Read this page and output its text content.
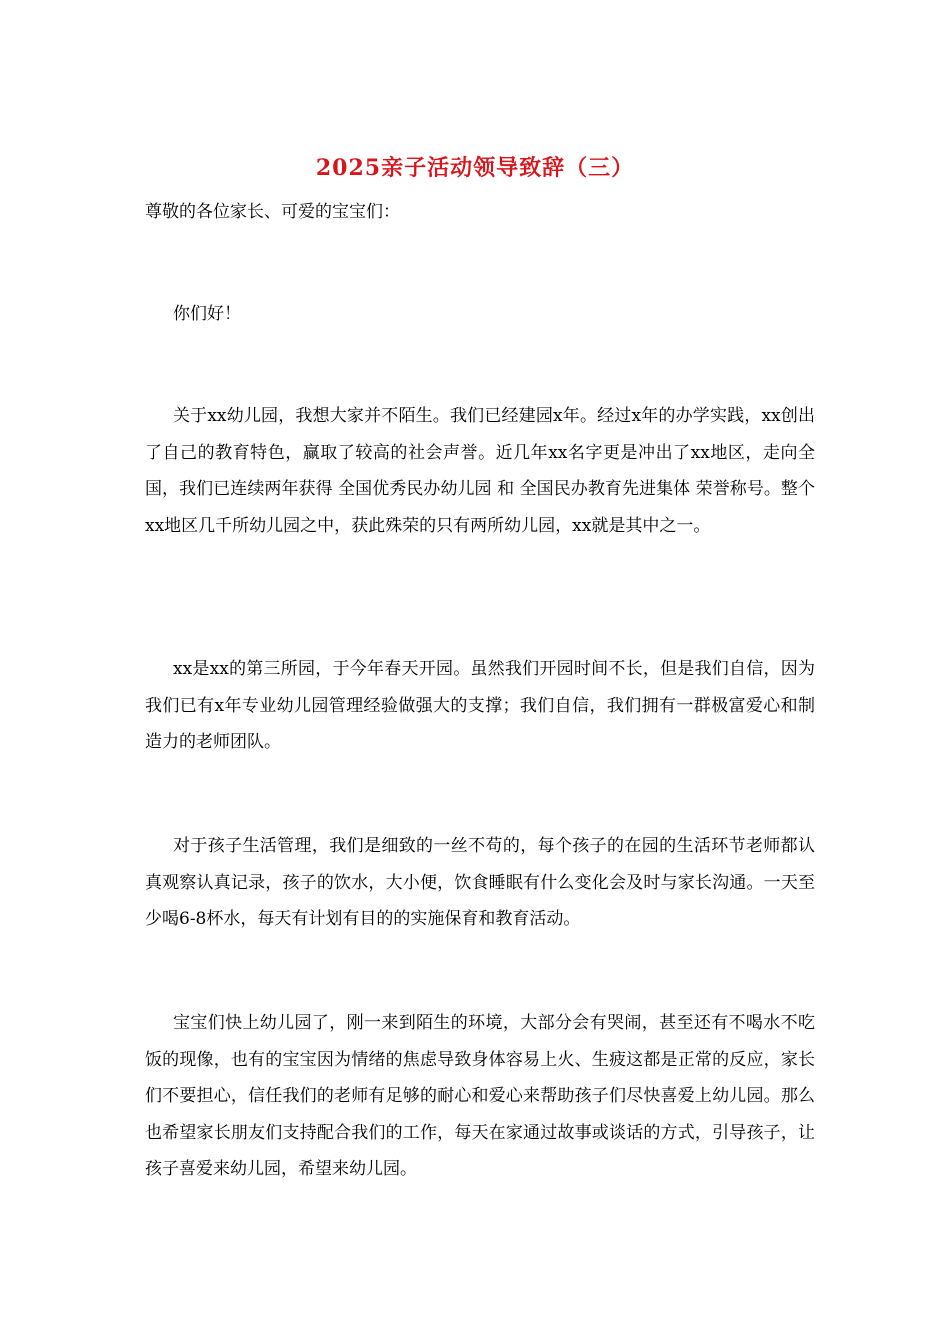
2025亲子活动领导致辞（三）
尊敬的各位家长、可爱的宝宝们：

你们好！

关于xx幼儿园，我想大家并不陌生。我们已经建园x年。经过x年的办学实践，xx创出了自己的教育特色，赢取了较高的社会声誉。近几年xx名字更是冲出了xx地区，走向全国，我们已连续两年获得 全国优秀民办幼儿园 和 全国民办教育先进集体 荣誉称号。整个xx地区几千所幼儿园之中，获此殊荣的只有两所幼儿园，xx就是其中之一。

xx是xx的第三所园，于今年春天开园。虽然我们开园时间不长，但是我们自信，因为我们已有x年专业幼儿园管理经验做强大的支撑；我们自信，我们拥有一群极富爱心和制造力的老师团队。

对于孩子生活管理，我们是细致的一丝不苟的，每个孩子的在园的生活环节老师都认真观察认真记录，孩子的饮水，大小便，饮食睡眠有什么变化会及时与家长沟通。一天至少喝6-8杯水，每天有计划有目的的实施保育和教育活动。

宝宝们快上幼儿园了，刚一来到陌生的环境，大部分会有哭闹，甚至还有不喝水不吃饭的现像，也有的宝宝因为情绪的焦虑导致身体容易上火、生疲这都是正常的反应，家长们不要担心，信任我们的老师有足够的耐心和爱心来帮助孩子们尽快喜爱上幼儿园。那么也希望家长朋友们支持配合我们的工作，每天在家通过故事或谈话的方式，引导孩子，让孩子喜爱来幼儿园，希望来幼儿园。
